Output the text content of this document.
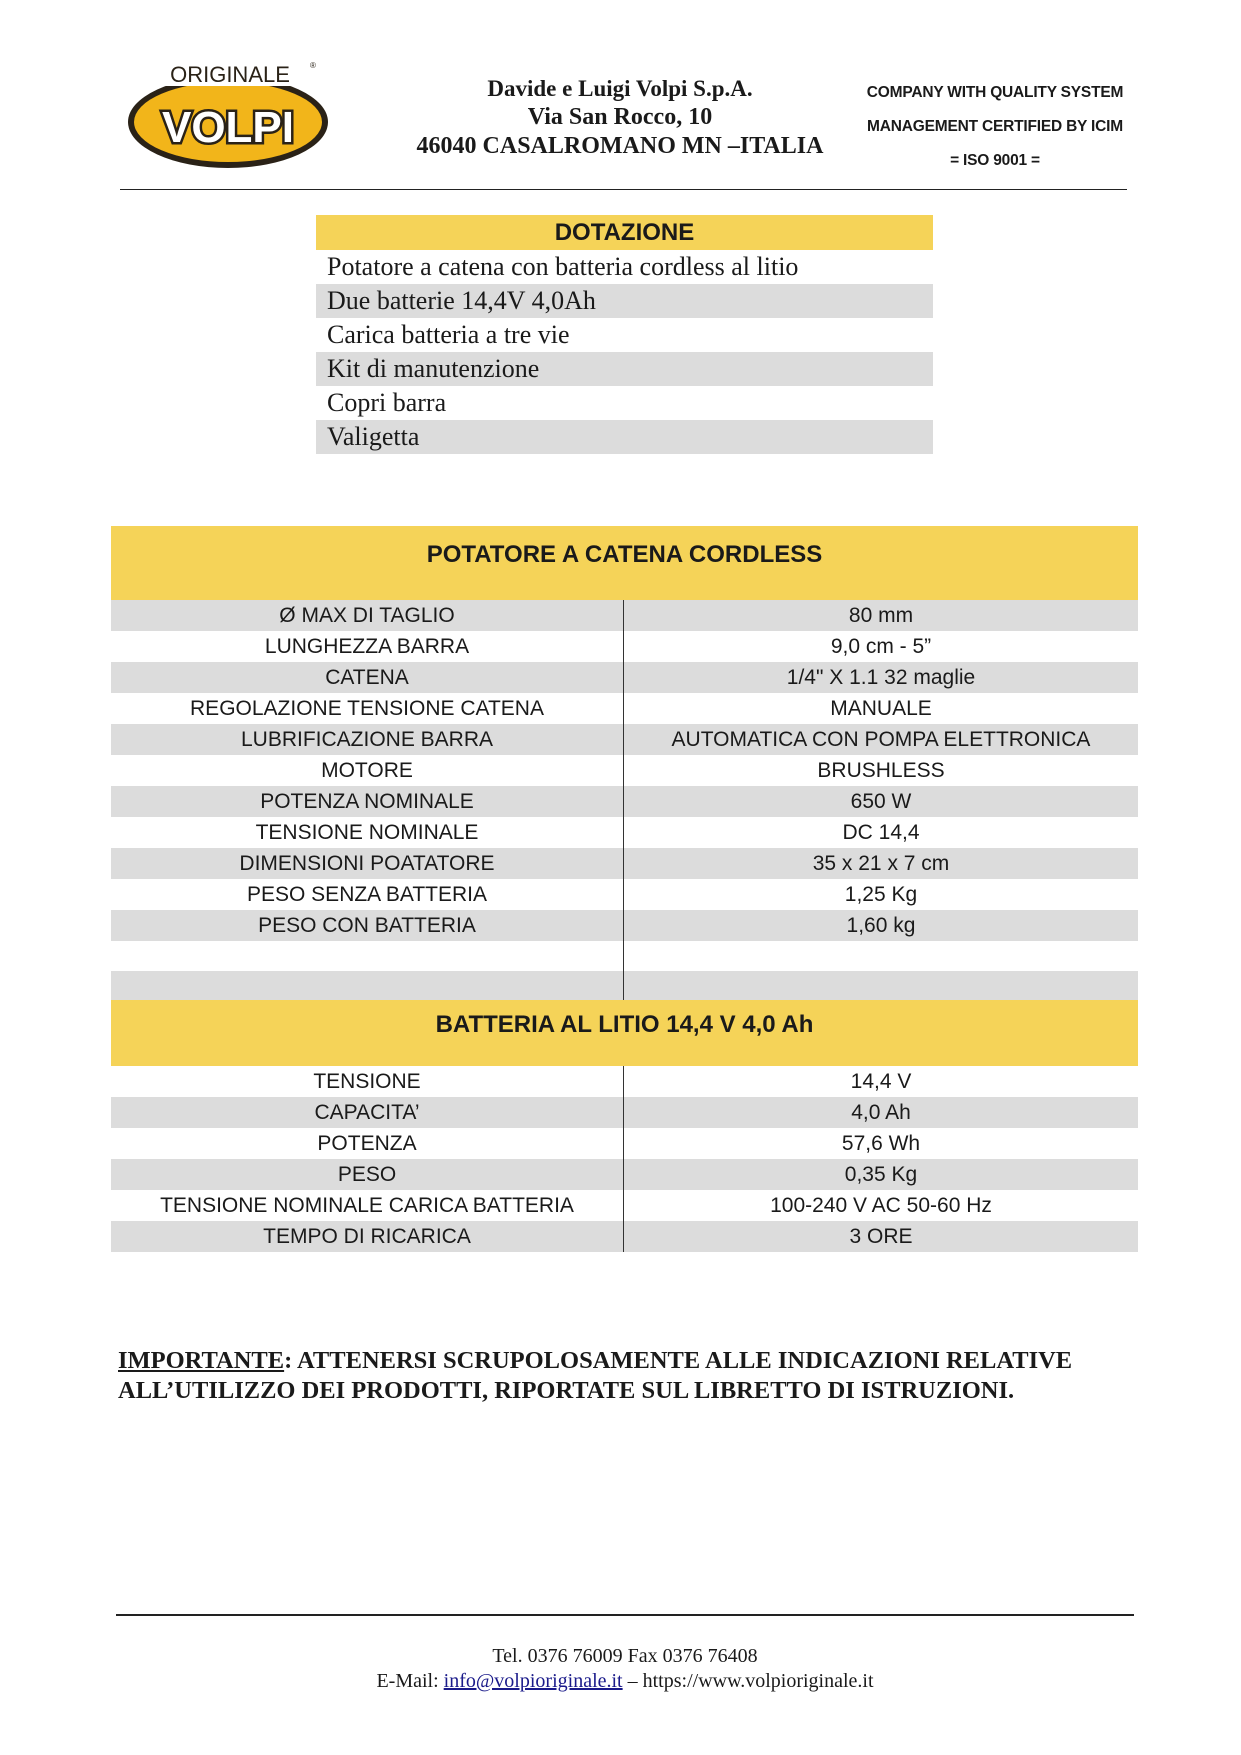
ORIGINALE	®
VOLPI
Davide e Luigi Volpi S.p.A.
Via San Rocco, 10
46040 CASALROMANO MN –ITALIA
COMPANY WITH QUALITY SYSTEM
MANAGEMENT CERTIFIED BY ICIM
= ISO 9001 =
DOTAZIONE
Potatore a catena con batteria cordless al litio
Due batterie 14,4V 4,0Ah
Carica batteria a tre vie
Kit di manutenzione
Copri barra
Valigetta
POTATORE A CATENA CORDLESS
Ø MAX DI TAGLIO	80 mm
LUNGHEZZA BARRA	9,0 cm - 5”
CATENA	1/4" X 1.1 32 maglie
REGOLAZIONE TENSIONE CATENA	MANUALE
LUBRIFICAZIONE BARRA	AUTOMATICA CON POMPA ELETTRONICA
MOTORE	BRUSHLESS
POTENZA NOMINALE	650 W
TENSIONE NOMINALE	DC 14,4
DIMENSIONI POATATORE	35 x 21 x 7 cm
PESO SENZA BATTERIA	1,25 Kg
PESO CON BATTERIA	1,60 kg
BATTERIA AL LITIO 14,4 V 4,0 Ah
TENSIONE	14,4 V
CAPACITA’	4,0 Ah
POTENZA	57,6 Wh
PESO	0,35 Kg
TENSIONE NOMINALE CARICA BATTERIA	100-240 V AC 50-60 Hz
TEMPO DI RICARICA	3 ORE
IMPORTANTE: ATTENERSI SCRUPOLOSAMENTE ALLE INDICAZIONI RELATIVE ALL’UTILIZZO DEI PRODOTTI, RIPORTATE SUL LIBRETTO DI ISTRUZIONI.
Tel. 0376 76009 Fax 0376 76408
E-Mail: info@volpioriginale.it – https://www.volpioriginale.it
